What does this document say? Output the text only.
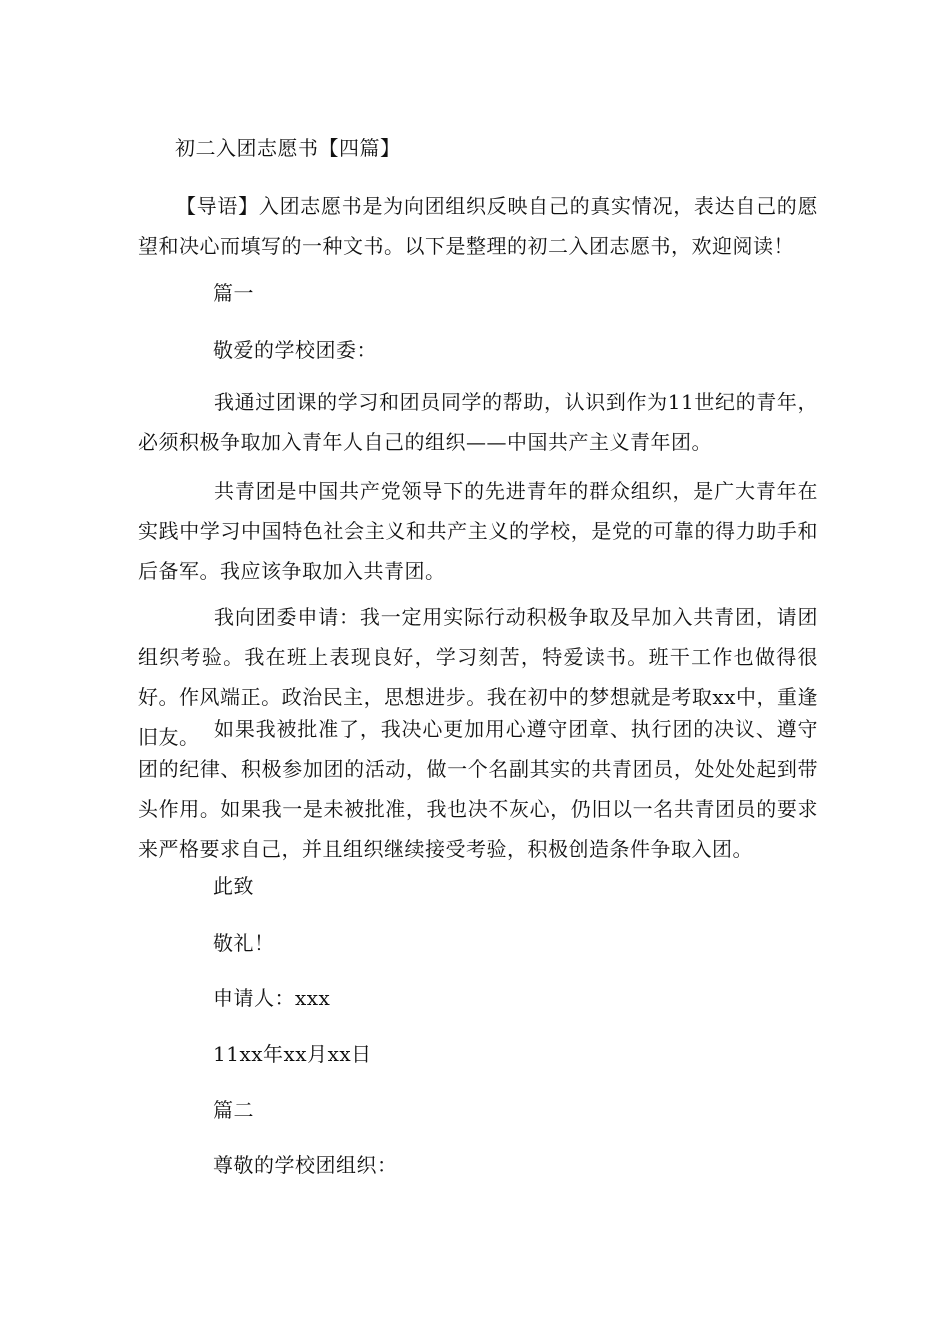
初二入团志愿书【四篇】
【导语】入团志愿书是为向团组织反映自己的真实情况，表达自己的愿望和决心而填写的一种文书。以下是整理的初二入团志愿书，欢迎阅读！
篇一
敬爱的学校团委：
我通过团课的学习和团员同学的帮助，认识到作为11世纪的青年，必须积极争取加入青年人自己的组织——中国共产主义青年团。
共青团是中国共产党领导下的先进青年的群众组织，是广大青年在实践中学习中国特色社会主义和共产主义的学校，是党的可靠的得力助手和后备军。我应该争取加入共青团。
我向团委申请：我一定用实际行动积极争取及早加入共青团，请团组织考验。我在班上表现良好，学习刻苦，特爱读书。班干工作也做得很好。作风端正。政治民主，思想进步。我在初中的梦想就是考取xx中，重逢旧友。 如果我被批准了，我决心更加用心遵守团章、执行团的决议、遵守团的纪律、积极参加团的活动，做一个名副其实的共青团员，处处处起到带头作用。如果我一是未被批准，我也决不灰心，仍旧以一名共青团员的要求来严格要求自己，并且组织继续接受考验，积极创造条件争取入团。
此致
敬礼！
申请人：xxx
11xx年xx月xx日
篇二
尊敬的学校团组织：
